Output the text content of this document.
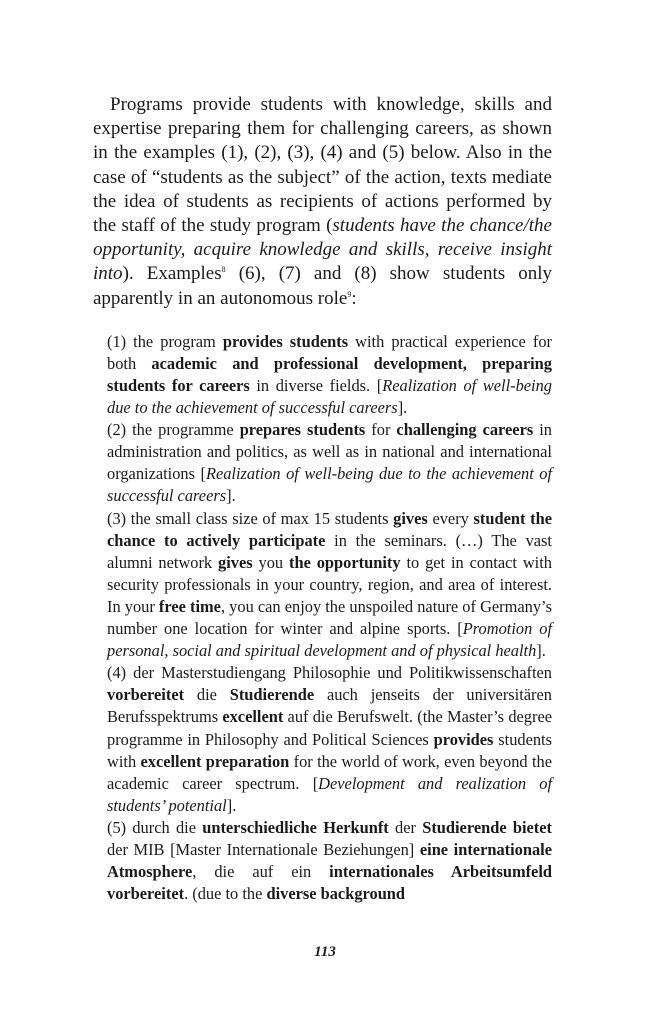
Programs provide students with knowledge, skills and expertise preparing them for challenging careers, as shown in the examples (1), (2), (3), (4) and (5) below. Also in the case of “students as the subject” of the action, texts mediate the idea of students as recipients of actions performed by the staff of the study program (students have the chance/the opportunity, acquire knowledge and skills, receive insight into). Examples$^8$ (6), (7) and (8) show students only apparently in an autonomous role$^9$:

(1) the program provides students with practical experience for both academic and professional development, preparing students for careers in diverse fields. [Realization of well-being due to the achievement of successful careers].

(2) the programme prepares students for challenging careers in administration and politics, as well as in national and international organizations [Realization of well-being due to the achievement of successful careers].

(3) the small class size of max 15 students gives every student the chance to actively participate in the seminars. (…) The vast alumni network gives you the opportunity to get in contact with security professionals in your country, region, and area of interest. In your free time, you can enjoy the unspoiled nature of Germany’s number one location for winter and alpine sports. [Promotion of personal, social and spiritual development and of physical health].

(4) der Masterstudiengang Philosophie und Politikwissenschaften vorbereitet die Studierende auch jenseits der universitären Berufsspektrums excellent auf die Berufswelt. (the Master’s degree programme in Philosophy and Political Sciences provides students with excellent preparation for the world of work, even beyond the academic career spectrum. [Development and realization of students’ potential].

(5) durch die unterschiedliche Herkunft der Studierende bietet der MIB [Master Internationale Beziehungen] eine internationale Atmosphere, die auf ein internationales Arbeitsumfeld vorbereitet. (due to the diverse background

113
